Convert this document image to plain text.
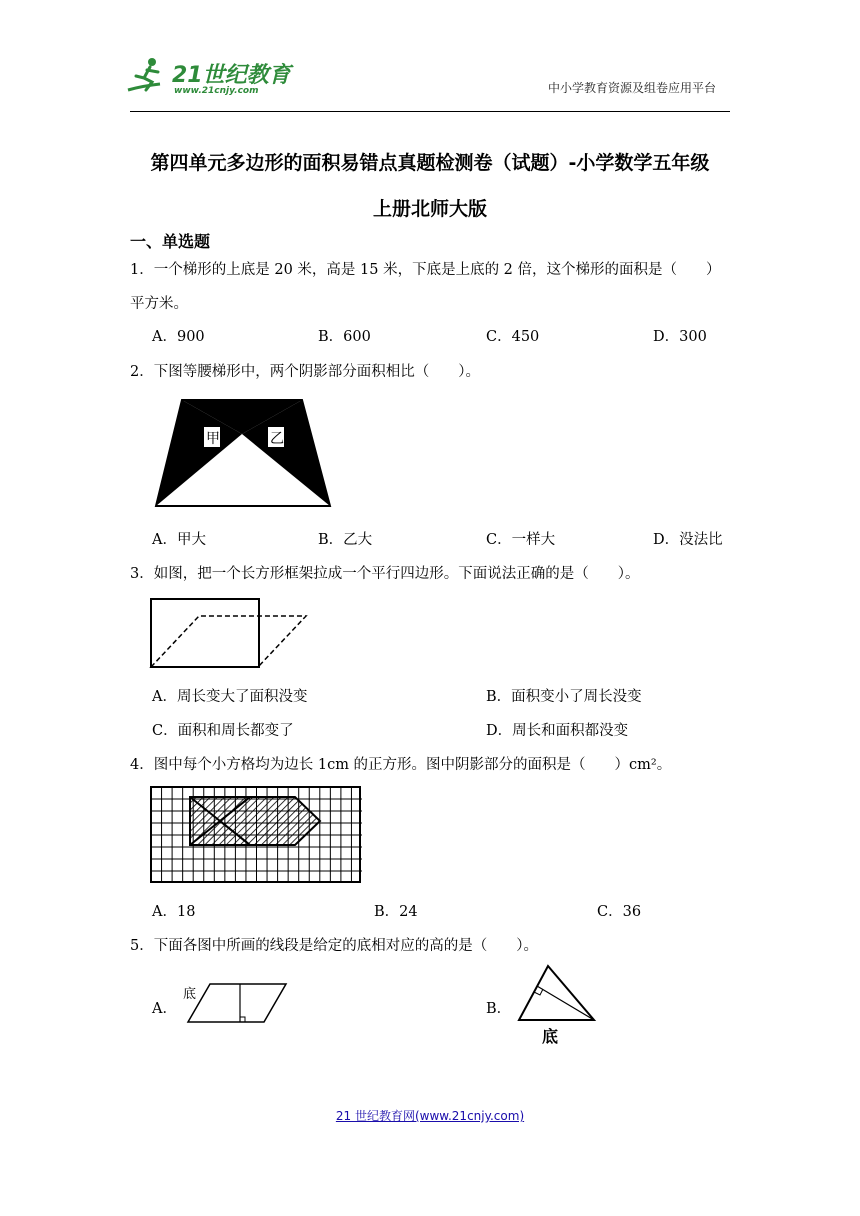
21世纪教育
www.21cnjy.com	中小学教育资源及组卷应用平台
第四单元多边形的面积易错点真题检测卷（试题）-小学数学五年级
上册北师大版
一、单选题
1．一个梯形的上底是 20 米，高是 15 米，下底是上底的 2 倍，这个梯形的面积是（　　）
平方米。
A．900	B．600	C．450	D．300
2．下图等腰梯形中，两个阴影部分面积相比（　　）。
甲	乙
A．甲大	B．乙大	C．一样大	D．没法比
3．如图，把一个长方形框架拉成一个平行四边形。下面说法正确的是（　　）。
A．周长变大了面积没变	B．面积变小了周长没变
C．面积和周长都变了	D．周长和面积都没变
4．图中每个小方格均为边长 1cm 的正方形。图中阴影部分的面积是（　　）cm²。
A．18	B．24	C．36
5．下面各图中所画的线段是给定的底相对应的高的是（　　）。
A．
底
B．
底
21 世纪教育网(www.21cnjy.com)
